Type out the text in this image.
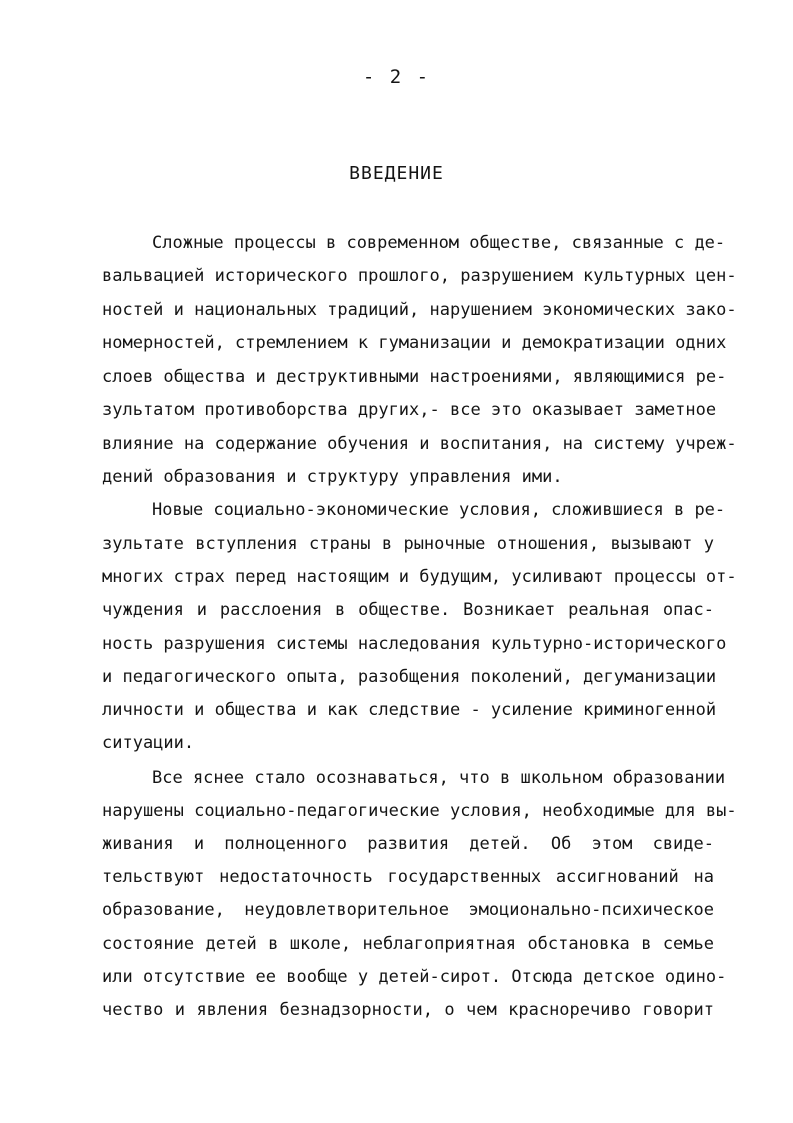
- 2 -
ВВЕДЕНИЕ
Сложные процессы в современном обществе, связанные с де-
вальвацией исторического прошлого, разрушением культурных цен-
ностей и национальных традиций, нарушением экономических зако-
номерностей, стремлением к гуманизации и демократизации одних
слоев общества и деструктивными настроениями, являющимися ре-
зультатом противоборства других,- все это оказывает заметное
влияние на содержание обучения и воспитания, на систему учреж-
дений образования и структуру управления ими.
Новые социально-экономические условия, сложившиеся в ре-
зультате вступления страны в рыночные отношения, вызывают у
многих страх перед настоящим и будущим, усиливают процессы от-
чуждения и расслоения в обществе. Возникает реальная опас-
ность разрушения системы наследования культурно-исторического
и педагогического опыта, разобщения поколений, дегуманизации
личности и общества и как следствие - усиление криминогенной
ситуации.
Все яснее стало осознаваться, что в школьном образовании
нарушены социально-педагогические условия, необходимые для вы-
живания и полноценного развития детей. Об этом свиде-
тельствуют недостаточность государственных ассигнований на
образование, неудовлетворительное эмоционально-психическое
состояние детей в школе, неблагоприятная обстановка в семье
или отсутствие ее вообще у детей-сирот. Отсюда детское одино-
чество и явления безнадзорности, о чем красноречиво говорит
